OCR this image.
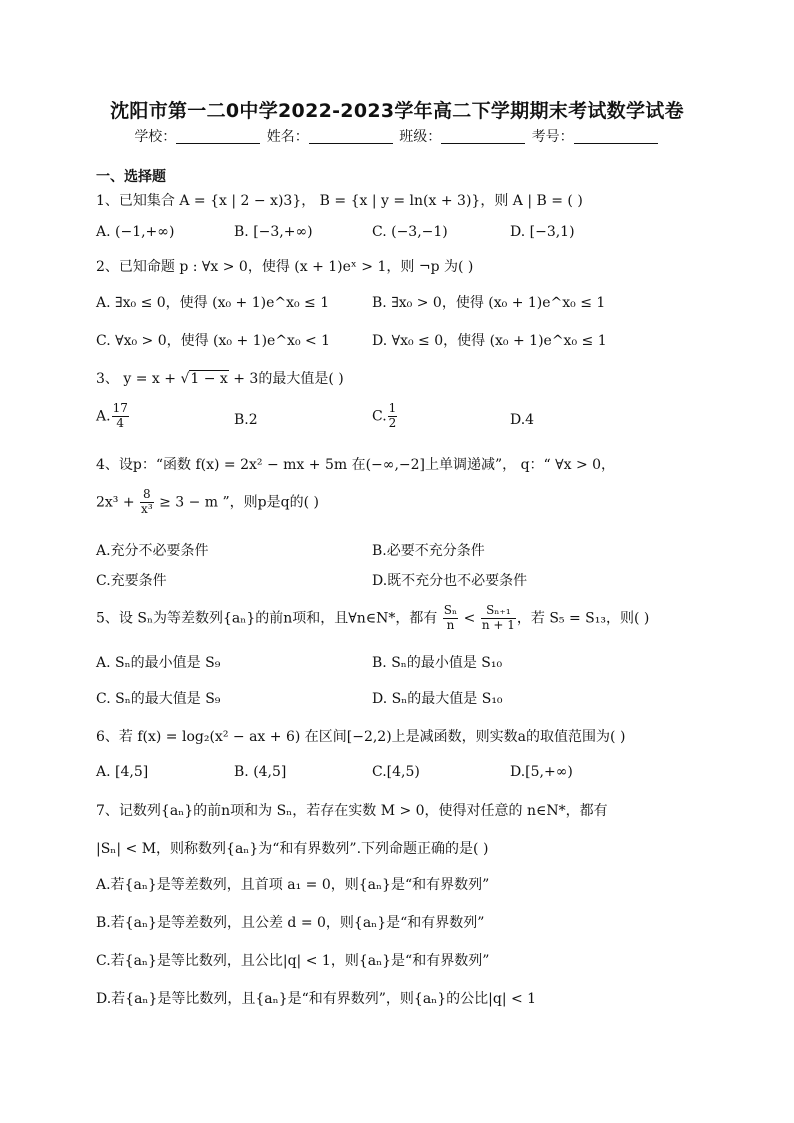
沈阳市第一二0中学2022-2023学年高二下学期期末考试数学试卷
学校：	姓名：	班级：	考号：
一、选择题
1、已知集合 A = {x | 2 − x)3}， B = {x | y = ln(x + 3)}，则 A | B = ( )
A. (−1,+∞)	B. [−3,+∞)	C. (−3,−1)	D. [−3,1)
2、已知命题 p : ∀x > 0，使得 (x + 1)eˣ > 1，则 ¬p 为( )
A. ∃x₀ ≤ 0，使得 (x₀ + 1)e^x₀ ≤ 1	B. ∃x₀ > 0，使得 (x₀ + 1)e^x₀ ≤ 1
C. ∀x₀ > 0，使得 (x₀ + 1)e^x₀ < 1	D. ∀x₀ ≤ 0，使得 (x₀ + 1)e^x₀ ≤ 1
3、 y = x + √1 − x + 3的最大值是( )
A. $\frac{17}{4}$	B.2	C. $\frac{1}{2}$	D.4
4、设p：“函数 f(x) = 2x² − mx + 5m 在(−∞,−2]上单调递减”， q：“ ∀x > 0，
$2x^3 + \frac{8}{\text{x³}} \ge 3 - m$ ”，则p是q的( )
A.充分不必要条件	B.必要不充分条件
C.充要条件	D.既不充分也不必要条件
5、设 Sₙ为等差数列{aₙ}的前n项和，且∀n∈N*，都有 $\frac{\text{Sₙ}}{n} < \frac{\text{Sₙ₊₁}}{n + 1}$ ，若 S₅ = S₁₃，则( )
A. Sₙ的最小值是 S₉	B. Sₙ的最小值是 S₁₀
C. Sₙ的最大值是 S₉	D. Sₙ的最大值是 S₁₀
6、若 f(x) = log₂(x² − ax + 6) 在区间[−2,2)上是减函数，则实数a的取值范围为( )
A. [4,5]	B. (4,5]	C.[4,5)	D.[5,+∞)
7、记数列{aₙ}的前n项和为 Sₙ，若存在实数 M > 0，使得对任意的 n∈N*，都有
|Sₙ| < M，则称数列{aₙ}为“和有界数列”.下列命题正确的是( )
A.若{aₙ}是等差数列，且首项 a₁ = 0，则{aₙ}是“和有界数列”
B.若{aₙ}是等差数列，且公差 d = 0，则{aₙ}是“和有界数列”
C.若{aₙ}是等比数列，且公比|q| < 1，则{aₙ}是“和有界数列”
D.若{aₙ}是等比数列，且{aₙ}是“和有界数列”，则{aₙ}的公比|q| < 1
